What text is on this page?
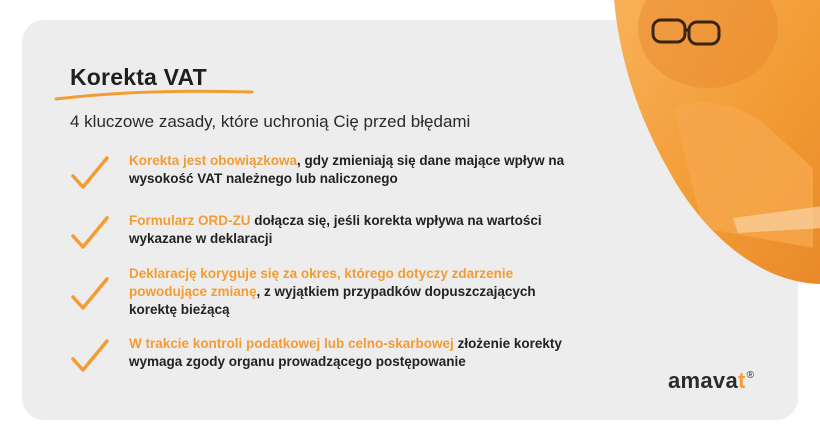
Korekta VAT
4 kluczowe zasady, które uchronią Cię przed błędami
Korekta jest obowiązkowa, gdy zmieniają się dane mające wpływ na wysokość VAT należnego lub naliczonego
Formularz ORD-ZU dołącza się, jeśli korekta wpływa na wartości wykazane w deklaracji
Deklarację koryguje się za okres, którego dotyczy zdarzenie powodujące zmianę, z wyjątkiem przypadków dopuszczających korektę bieżącą
W trakcie kontroli podatkowej lub celno-skarbowej złożenie korekty wymaga zgody organu prowadzącego postępowanie
amavat®
